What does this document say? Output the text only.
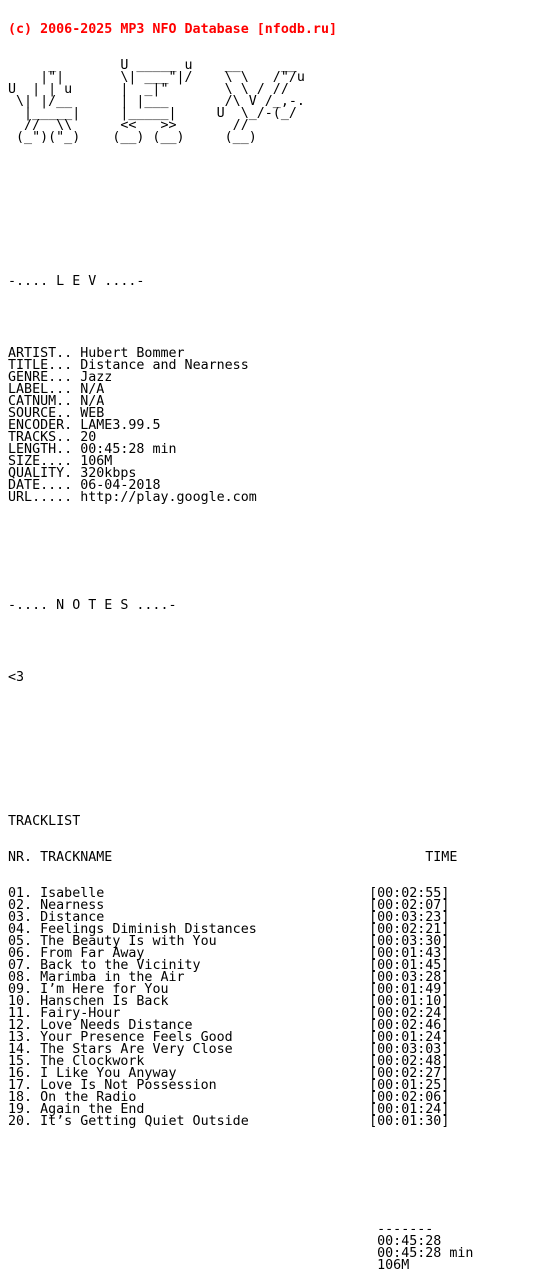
(c) 2006-2025 MP3 NFO Database [nfodb.ru]

_        U _____ u    __     __
|"|       \| ___"|/    \ \   /"/u
U  | | u      |  _|"       \ \ / //
\| |/__      | |___       /\ V /_,-.
|_____|     |_____|     U  \_/-(_/
//  \\      <<   >>       //
(_")("_)    (__) (__)     (__)

-.... L E V ....-

ARTIST.. Hubert Bommer
TITLE... Distance and Nearness
GENRE... Jazz
LABEL... N/A
CATNUM.. N/A
SOURCE.. WEB
ENCODER. LAME3.99.5
TRACKS.. 20
LENGTH.. 00:45:28 min
SIZE.... 106M
QUALITY. 320kbps
DATE.... 06-04-2018
URL..... http://play.google.com

-.... N O T E S ....-

<3

TRACKLIST

NR. TRACKNAME                                       TIME

01. Isabelle                                 [00:02:55]
02. Nearness                                 [00:02:07]
03. Distance                                 [00:03:23]
04. Feelings Diminish Distances              [00:02:21]
05. The Beauty Is with You                   [00:03:30]
06. From Far Away                            [00:01:43]
07. Back to the Vicinity                     [00:01:45]
08. Marimba in the Air                       [00:03:28]
09. I’m Here for You                         [00:01:49]
10. Hanschen Is Back                         [00:01:10]
11. Fairy-Hour                               [00:02:24]
12. Love Needs Distance                      [00:02:46]
13. Your Presence Feels Good                 [00:01:24]
14. The Stars Are Very Close                 [00:03:03]
15. The Clockwork                            [00:02:48]
16. I Like You Anyway                        [00:02:27]
17. Love Is Not Possession                   [00:01:25]
18. On the Radio                             [00:02:06]
19. Again the End                            [00:01:24]
20. It’s Getting Quiet Outside               [00:01:30]

-------
00:45:28
00:45:28 min
106M
